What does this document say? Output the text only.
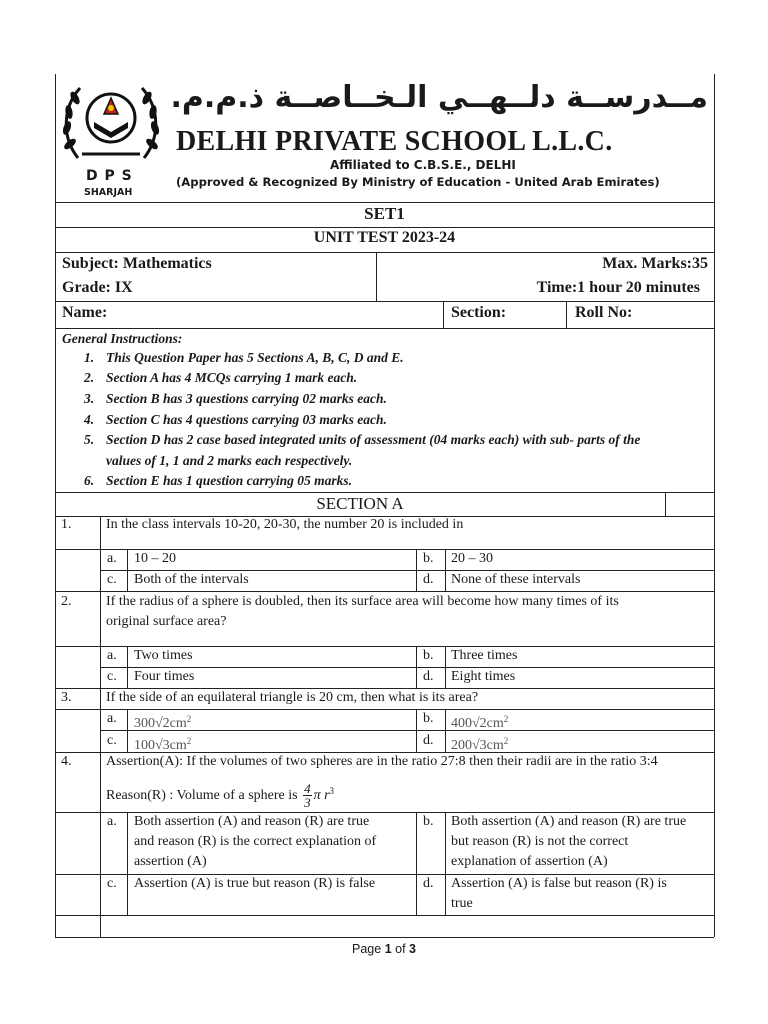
D P S
SHARJAH
مــدرســة دلــهــي الـخــاصــة ذ.م.م.
DELHI PRIVATE SCHOOL L.L.C.
Affiliated to C.B.S.E., DELHI
(Approved & Recognized By Ministry of Education - United Arab Emirates)
SET1
UNIT TEST 2023-24
Subject: Mathematics	Max. Marks:35
Grade: IX	Time:1 hour 20 minutes
Name:	Section:	Roll No:
General Instructions:
1. This Question Paper has 5 Sections A, B, C, D and E.
2. Section A has 4 MCQs carrying 1 mark each.
3. Section B has 3 questions carrying 02 marks each.
4. Section C has 4 questions carrying 03 marks each.
5. Section D has 2 case based integrated units of assessment (04 marks each) with sub- parts of the
values of 1, 1 and 2 marks each respectively.
6. Section E has 1 question carrying 05 marks.
SECTION A
1. In the class intervals 10-20, 20-30, the number 20 is included in
a. 10 – 20	b. 20 – 30
c. Both of the intervals	d. None of these intervals
2. If the radius of a sphere is doubled, then its surface area will become how many times of its
original surface area?
a. Two times	b. Three times
c. Four times	d. Eight times
3. If the side of an equilateral triangle is 20 cm, then what is its area?
a. $300√2cm^2$	b. $400√2cm^2$
c. $100√3cm^2$	d. $200√3cm^2$
4. Assertion(A): If the volumes of two spheres are in the ratio 27:8 then their radii are in the ratio 3:4
Reason(R) : Volume of a sphere is $\frac{4}{3}$ π $r^3$
a. Both assertion (A) and reason (R) are true
and reason (R) is the correct explanation of
assertion (A)
b. Both assertion (A) and reason (R) are true
but reason (R) is not the correct
explanation of assertion (A)
c. Assertion (A) is true but reason (R) is false	d. Assertion (A) is false but reason (R) is
true
Page 1 of 3
